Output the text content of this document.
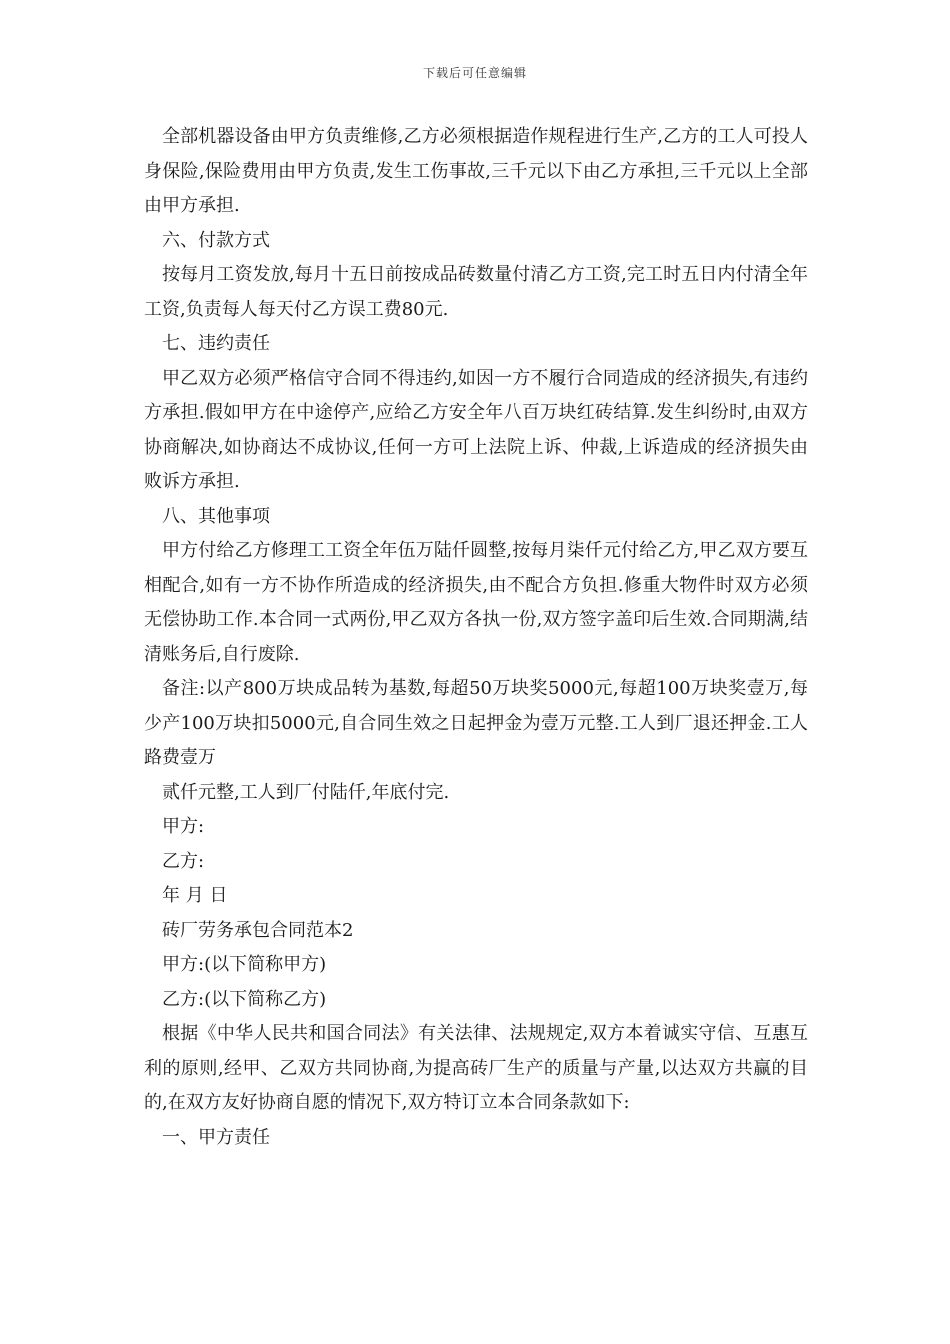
下载后可任意编辑

全部机器设备由甲方负责维修,乙方必须根据造作规程进行生产,乙方的工人可投人身保险,保险费用由甲方负责,发生工伤事故,三千元以下由乙方承担,三千元以上全部由甲方承担.

六、付款方式

按每月工资发放,每月十五日前按成品砖数量付清乙方工资,完工时五日内付清全年工资,负责每人每天付乙方误工费80元.

七、违约责任

甲乙双方必须严格信守合同不得违约,如因一方不履行合同造成的经济损失,有违约方承担.假如甲方在中途停产,应给乙方安全年八百万块红砖结算.发生纠纷时,由双方协商解决,如协商达不成协议,任何一方可上法院上诉、仲裁,上诉造成的经济损失由败诉方承担.

八、其他事项

甲方付给乙方修理工工资全年伍万陆仟圆整,按每月柒仟元付给乙方,甲乙双方要互相配合,如有一方不协作所造成的经济损失,由不配合方负担.修重大物件时双方必须无偿协助工作.本合同一式两份,甲乙双方各执一份,双方签字盖印后生效.合同期满,结清账务后,自行废除.

备注:以产800万块成品转为基数,每超50万块奖5000元,每超100万块奖壹万,每少产100万块扣5000元,自合同生效之日起押金为壹万元整.工人到厂退还押金.工人路费壹万

贰仟元整,工人到厂付陆仟,年底付完.

甲方:

乙方:

年 月 日

砖厂劳务承包合同范本2

甲方:(以下简称甲方)

乙方:(以下简称乙方)

根据《中华人民共和国合同法》有关法律、法规规定,双方本着诚实守信、互惠互利的原则,经甲、乙双方共同协商,为提高砖厂生产的质量与产量,以达双方共赢的目的,在双方友好协商自愿的情况下,双方特订立本合同条款如下:

一、甲方责任
